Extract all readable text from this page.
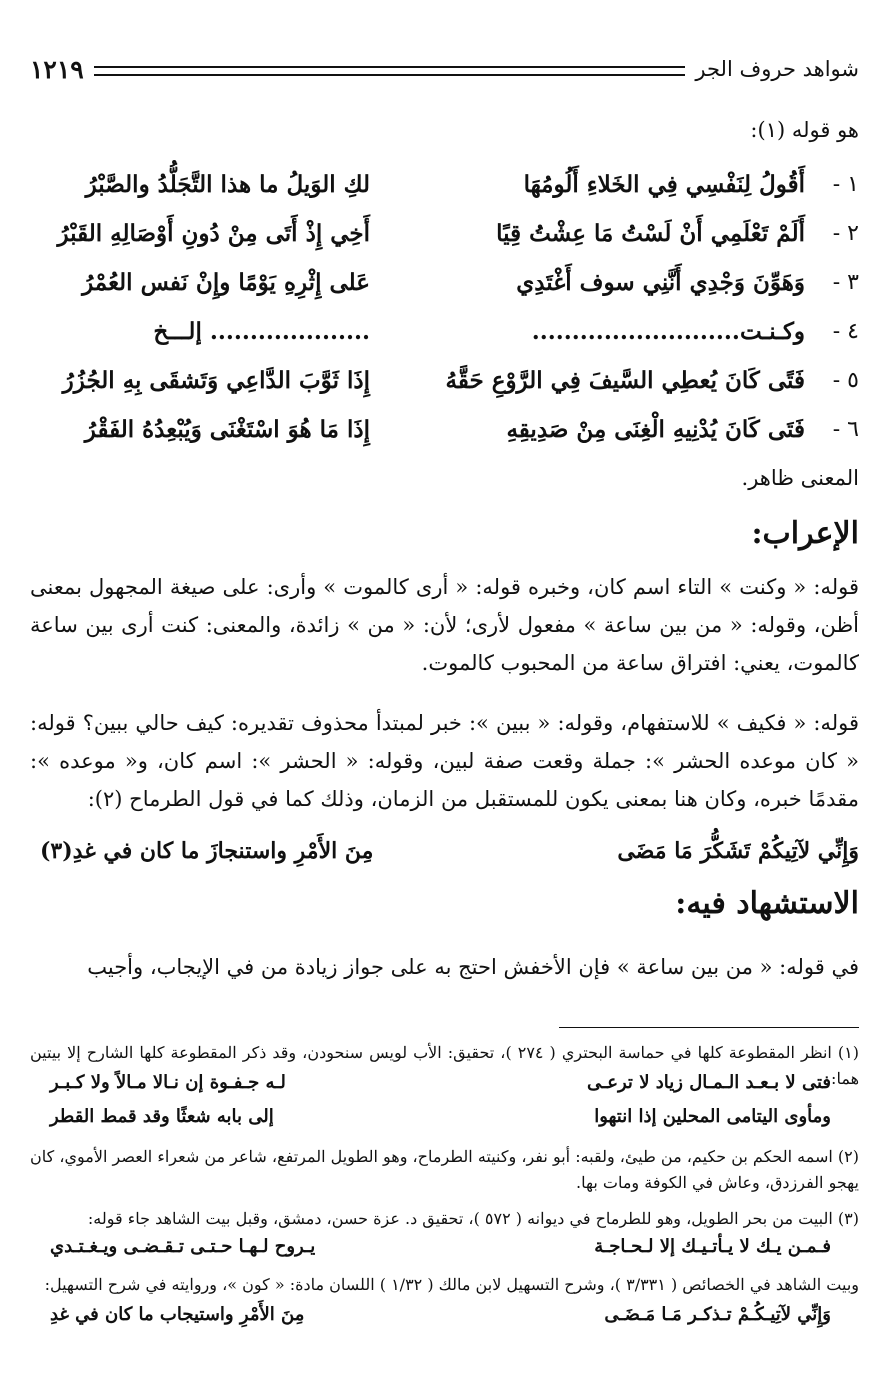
١٢١٩	شواهد حروف الجر
هو قوله (١):
١ -
أَقُولُ لِنَفْسِي فِي الخَلاءِ أَلُومُهَا
لكِ الوَيلُ ما هذا التَّجَلُّدُ والصَّبْرُ
٢ -
أَلَمْ تَعْلَمِي أَنْ لَسْتُ مَا عِشْتُ قِيًا
أَخِي إِذْ أَتَى مِنْ دُونِ أَوْصَالِهِ القَبْرُ
٣ -
وَهَوِّنَ وَجْدِي أَنَّنِي سوف أَغْتَدِي
عَلى إِثْرِهِ يَوْمًا وإِنْ نَفس العُمْرُ
٤ -
وكـنـت..........................
.................... إلـــخ
٥ -
فَتًى كَانَ يُعطِي السَّيفَ فِي الرَّوْعِ حَقَّهُ
إِذَا ثَوَّبَ الدَّاعِي وَتَشقَى بِهِ الجُزُرُ
٦ -
فَتَى كَانَ يُدْنِيهِ الْغِنَى مِنْ صَدِيقِهِ
إِذَا مَا هُوَ اسْتَغْنَى وَيُبْعِدُهُ الفَقْرُ
المعنى ظاهر.
الإعراب:
قوله: « وكنت » التاء اسم كان، وخبره قوله: « أرى كالموت » وأرى: على صيغة المجهول بمعنى أظن، وقوله: « من بين ساعة » مفعول لأرى؛ لأن: « من » زائدة، والمعنى: كنت أرى بين ساعة كالموت، يعني: افتراق ساعة من المحبوب كالموت.
قوله: « فكيف » للاستفهام، وقوله: « ببين »: خبر لمبتدأ محذوف تقديره: كيف حالي ببين؟ قوله: « كان موعده الحشر »: جملة وقعت صفة لبين، وقوله: « الحشر »: اسم كان، و« موعده »: مقدمًا خبره، وكان هنا بمعنى يكون للمستقبل من الزمان، وذلك كما في قول الطرماح (٢):
وَإِنِّي لآتِيكُمْ تَشَكُّرَ مَا مَضَى
مِنَ الأَمْرِ واستنجازَ ما كان في غدِ(٣)
الاستشهاد فيه:
في قوله: « من بين ساعة » فإن الأخفش احتج به على جواز زيادة من في الإيجاب، وأجيب
(١) انظر المقطوعة كلها في حماسة البحتري ( ٢٧٤ )، تحقيق: الأب لويس سنحودن، وقد ذكر المقطوعة كلها الشارح إلا بيتين هما:
فتى لا بـعـد الـمـال زياد لا ترعـى
لـه جـفـوة إن نـالا مـالاً ولا كـبـر
ومأوى اليتامى المحلين إذا انتهوا
إلى بابه شعثًا وقد قمط القطر
(٢) اسمه الحكم بن حكيم، من طيئ، ولقبه: أبو نفر، وكنيته الطرماح، وهو الطويل المرتفع، شاعر من شعراء العصر الأموي، كان يهجو الفرزدق، وعاش في الكوفة ومات بها.
(٣) البيت من بحر الطويل، وهو للطرماح في ديوانه ( ٥٧٢ )، تحقيق د. عزة حسن، دمشق، وقبل بيت الشاهد جاء قوله:
فـمـن يـك لا يـأتـيـك إلا لـحـاجـة
يـروح لـهـا حـتـى تـقـضـى ويـغـتـدي
وبيت الشاهد في الخصائص ( ٣/٣٣١ )، وشرح التسهيل لابن مالك ( ١/٣٢ ) اللسان مادة: « كون »، وروايته في شرح التسهيل:
وَإِنِّي لآتِيـكُـمْ تـذكـر مَـا مَـضَـى
مِنَ الأَمْرِ واستيجاب ما كان في غدِ
